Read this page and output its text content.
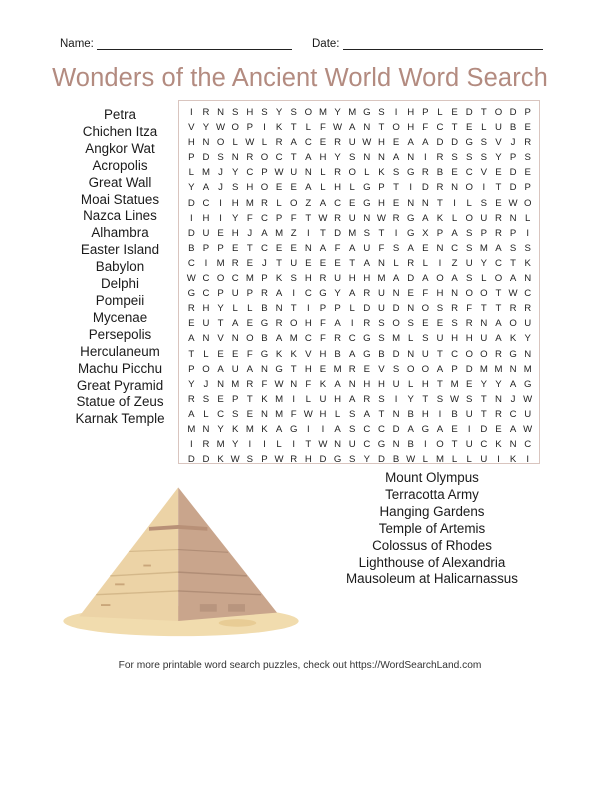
Name:	Date:
Wonders of the Ancient World Word Search
Petra
Chichen Itza
Angkor Wat
Acropolis
Great Wall
Moai Statues
Nazca Lines
Alhambra
Easter Island
Babylon
Delphi
Pompeii
Mycenae
Persepolis
Herculaneum
Machu Picchu
Great Pyramid
Statue of Zeus
Karnak Temple
I	R N S H S Y S O M Y M G S	I	H P L E D T O D P
V Y W O P	I	K T L F W A N T O H F C T E L U B E
H N O L W L R A C E R U W H E A A D D G S V J R
P D S N R O C T A H Y S N N A N	I	R S S S Y P S
L M J Y C P W U N L R O L K S G R B E C V E D E
Y A J S H O E E A L H L G P T	I	D R N O I	T D P
D C	I	H M R L O Z A C E G H E N N T	I	L S E W O
I	H	I	Y F C P F T W R U N W R G A K L O U R N L
D U E H J A M Z	I	T D M S T	I G X P A S P R P	I
B P P E T C E E N A F A U F S A E N C S M A S S
C	I M R E J T U E E E T A N L R L	I	Z U Y C T K
W C O C M P K S H R U H H M A D A O A S L O A N
G C P U P R A	I	C G Y A R U N E F H N O O T W C
R H Y L L B N T	I	P P L D U D N O S R F T T R R
E U T A E G R O H F A	I	R S O S E E S R N A O U
A N V N O B A M C F R C G S M L S U H H U A K Y
T L E E F G K K V H B A G B D N U T C O O R G N
P O A U A N G T H E M R E V S O O A P D M M N M
Y J N M R F W N F K A N H H U L H T M E Y Y A G
R S E P T K M I	L U H A R S	I	Y T S W S T N J W
A L C S E N M F W H L S A T N B H	I	B U T R C U
M N Y K M K A G I	I	A S C C D A G A E	I	D E A W
I	R M Y	I	I	L	I	T W N U C G N B	I O T U C K N C
D D K W S P W R H D G S Y D B W L M L L U	I	K	I
Mount Olympus
Terracotta Army
Hanging Gardens
Temple of Artemis
Colossus of Rhodes
Lighthouse of Alexandria
Mausoleum at Halicarnassus
For more printable word search puzzles, check out https://WordSearchLand.com
